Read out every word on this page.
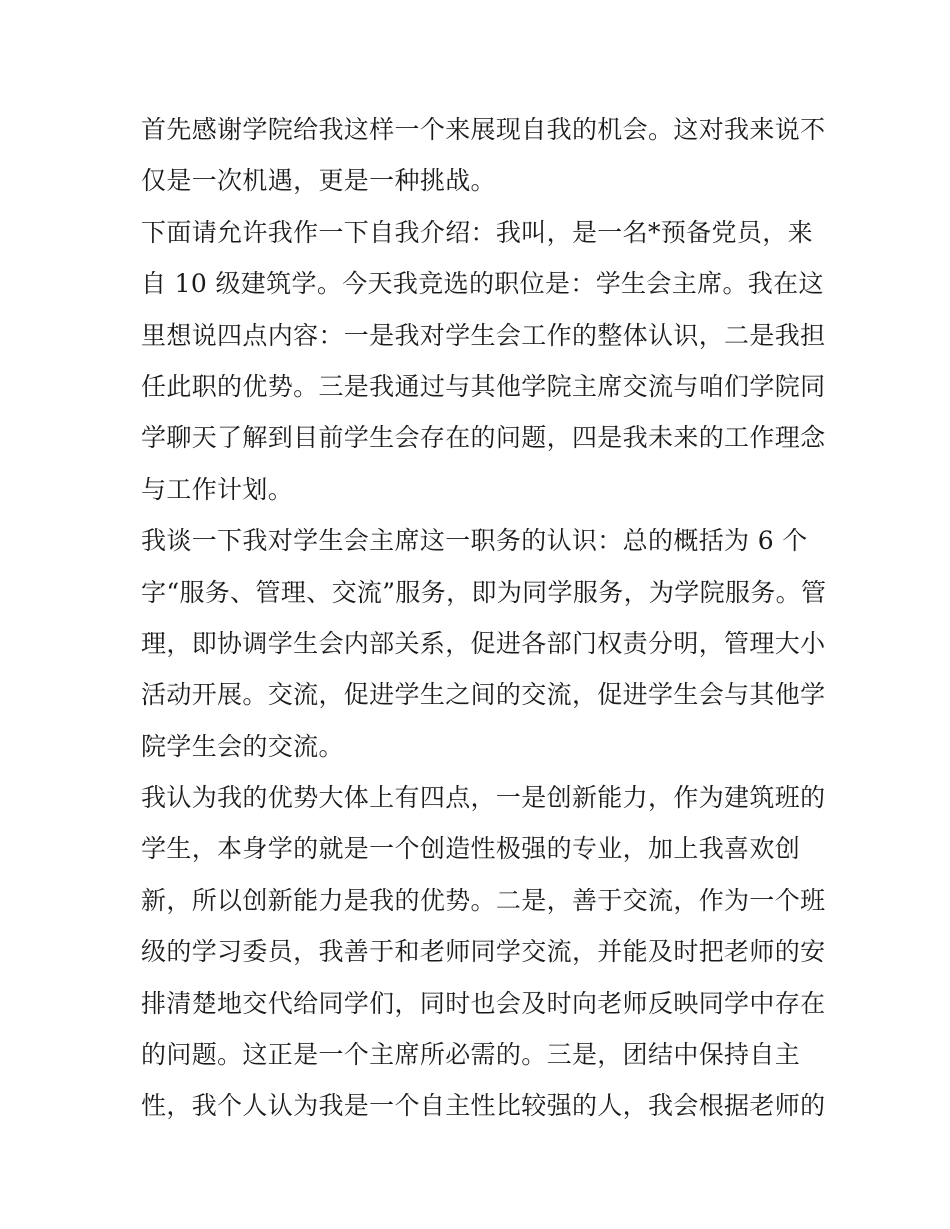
首先感谢学院给我这样一个来展现自我的机会。这对我来说不
仅是一次机遇，更是一种挑战。
下面请允许我作一下自我介绍：我叫，是一名*预备党员，来
自 10 级建筑学。今天我竞选的职位是：学生会主席。我在这
里想说四点内容：一是我对学生会工作的整体认识，二是我担
任此职的优势。三是我通过与其他学院主席交流与咱们学院同
学聊天了解到目前学生会存在的问题，四是我未来的工作理念
与工作计划。
我谈一下我对学生会主席这一职务的认识：总的概括为 6 个
字“服务、管理、交流”服务，即为同学服务，为学院服务。管
理，即协调学生会内部关系，促进各部门权责分明，管理大小
活动开展。交流，促进学生之间的交流，促进学生会与其他学
院学生会的交流。
我认为我的优势大体上有四点，一是创新能力，作为建筑班的
学生，本身学的就是一个创造性极强的专业，加上我喜欢创
新，所以创新能力是我的优势。二是，善于交流，作为一个班
级的学习委员，我善于和老师同学交流，并能及时把老师的安
排清楚地交代给同学们，同时也会及时向老师反映同学中存在
的问题。这正是一个主席所必需的。三是，团结中保持自主
性，我个人认为我是一个自主性比较强的人，我会根据老师的
